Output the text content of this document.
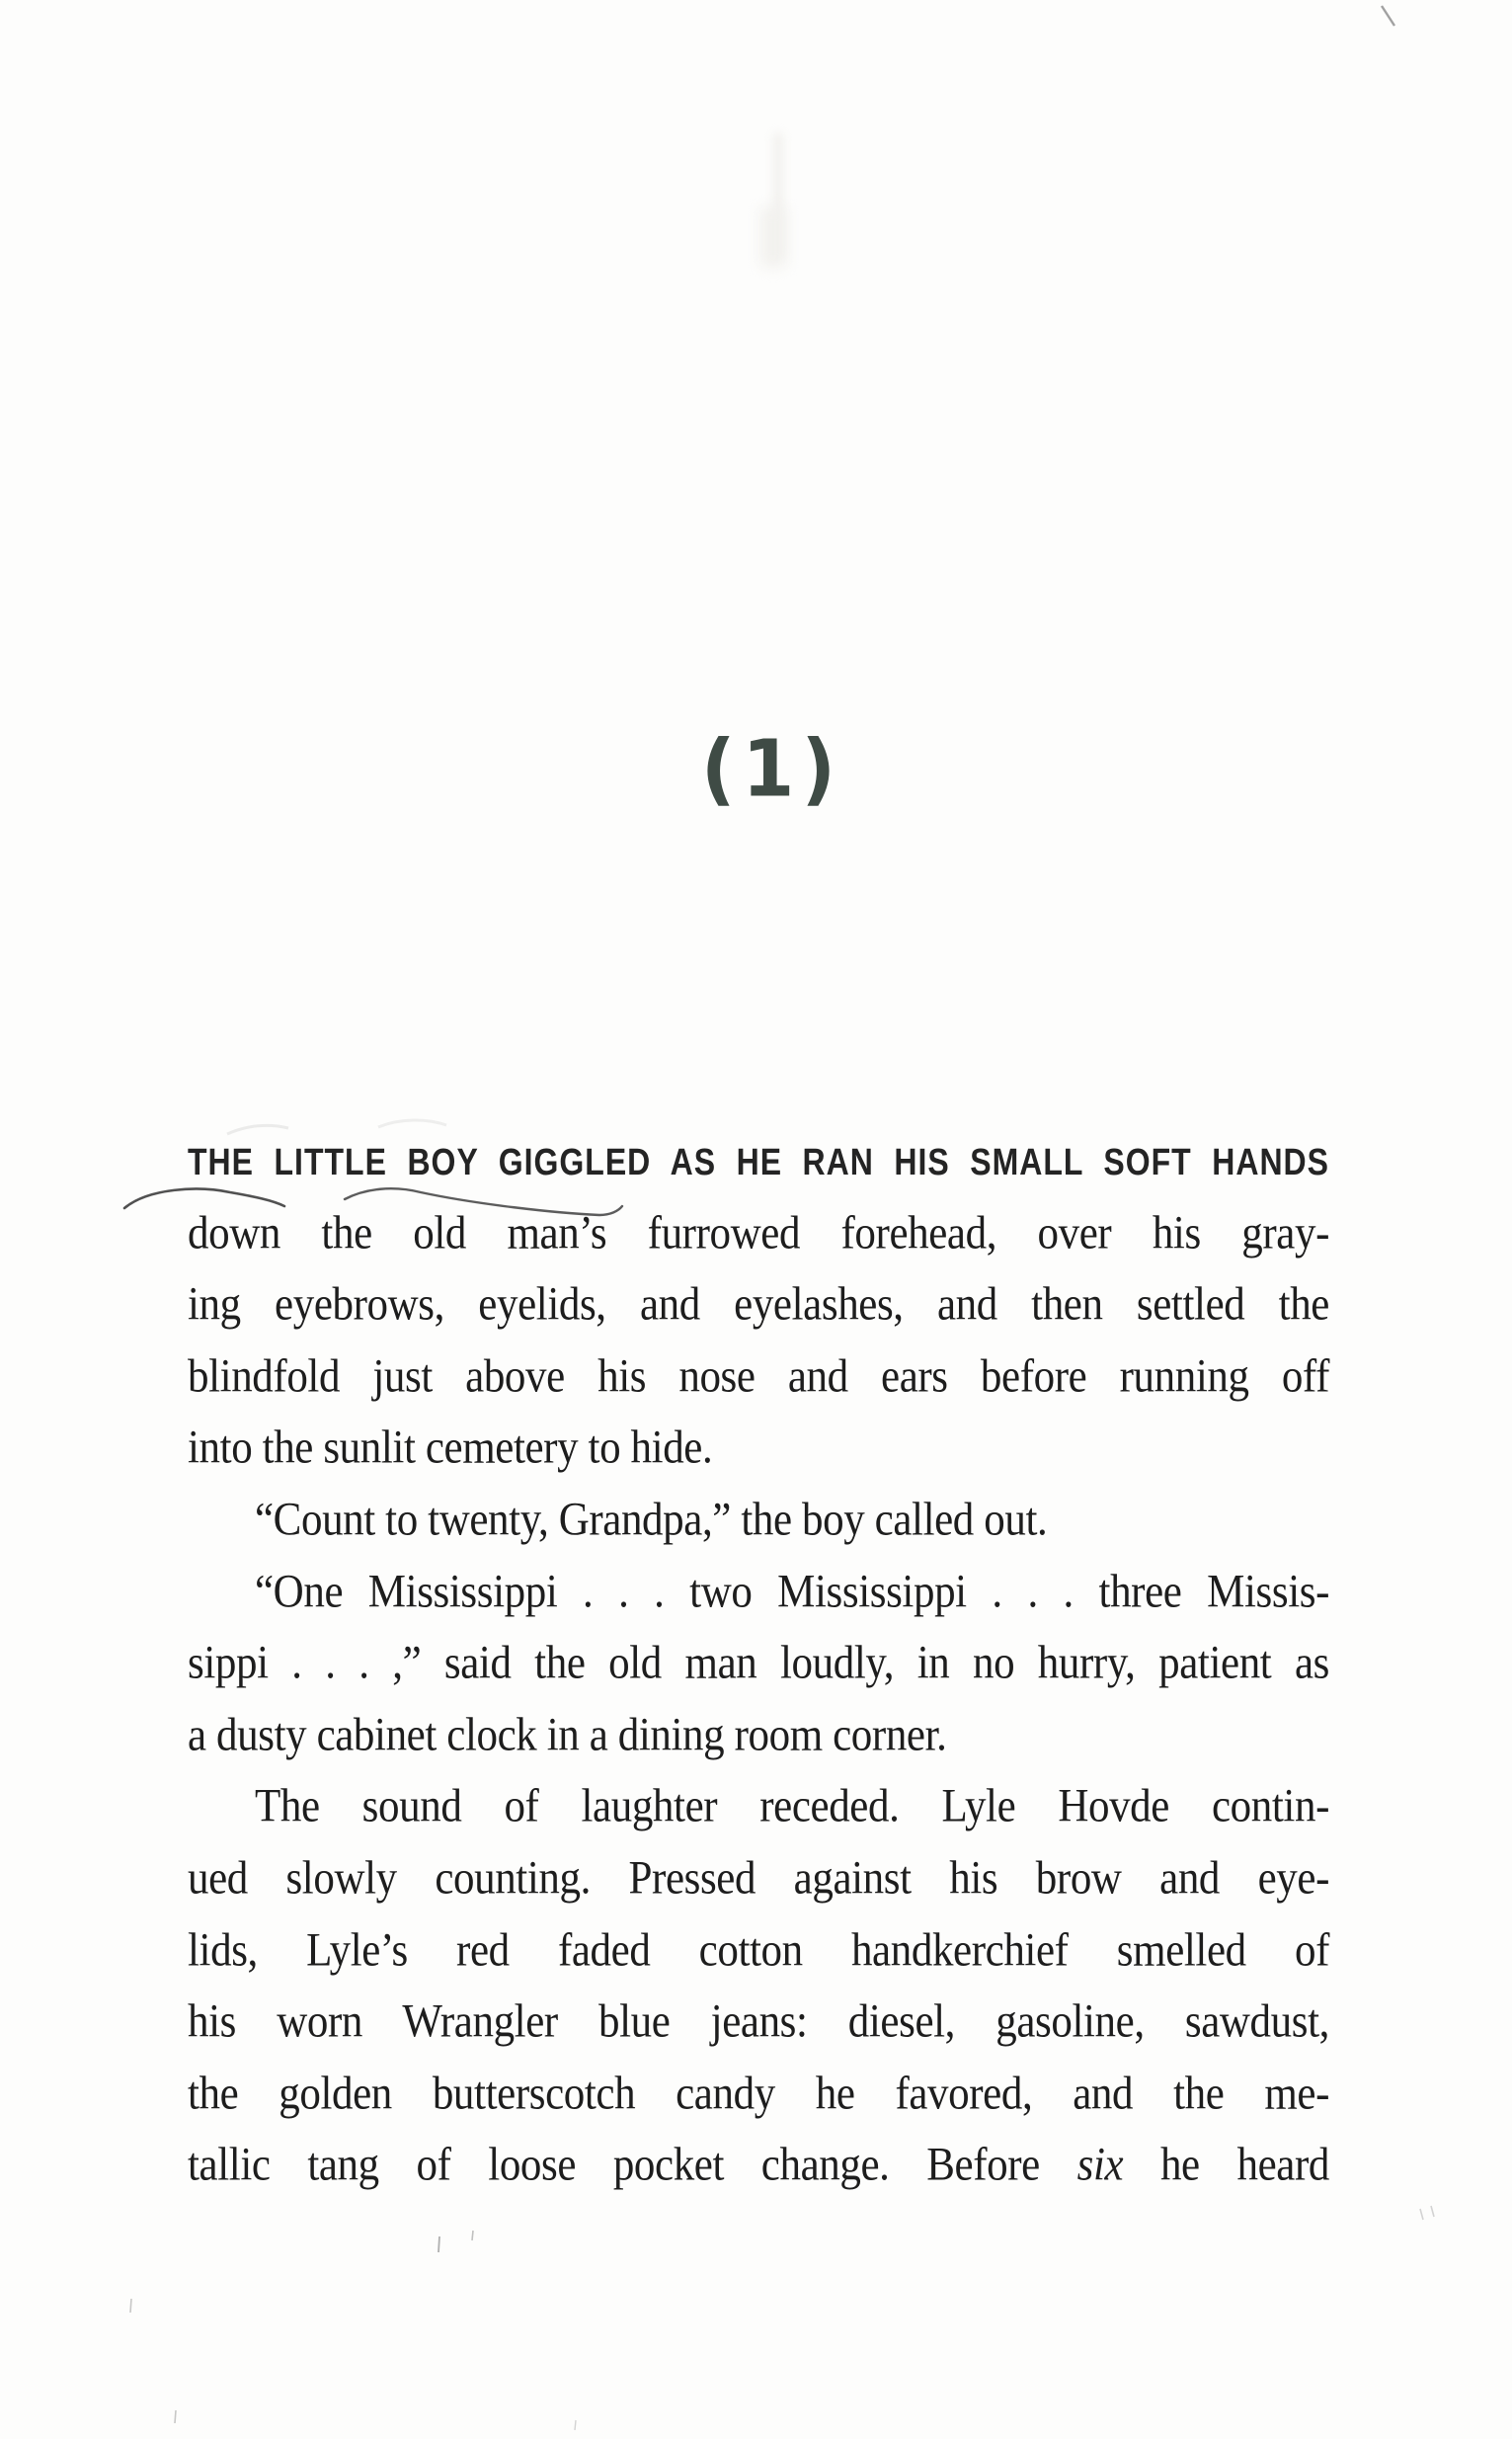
(1)
THE LITTLE BOY GIGGLED AS HE RAN HIS SMALL SOFT HANDS
down the old man’s furrowed forehead, over his gray-
ing eyebrows, eyelids, and eyelashes, and then settled the
blindfold just above his nose and ears before running off
into the sunlit cemetery to hide.
“Count to twenty, Grandpa,” the boy called out.
“One Mississippi . . . two Mississippi . . . three Missis-
sippi . . . ,” said the old man loudly, in no hurry, patient as
a dusty cabinet clock in a dining room corner.
The sound of laughter receded. Lyle Hovde contin-
ued slowly counting. Pressed against his brow and eye-
lids, Lyle’s red faded cotton handkerchief smelled of
his worn Wrangler blue jeans: diesel, gasoline, sawdust,
the golden butterscotch candy he favored, and the me-
tallic tang of loose pocket change. Before six he heard
